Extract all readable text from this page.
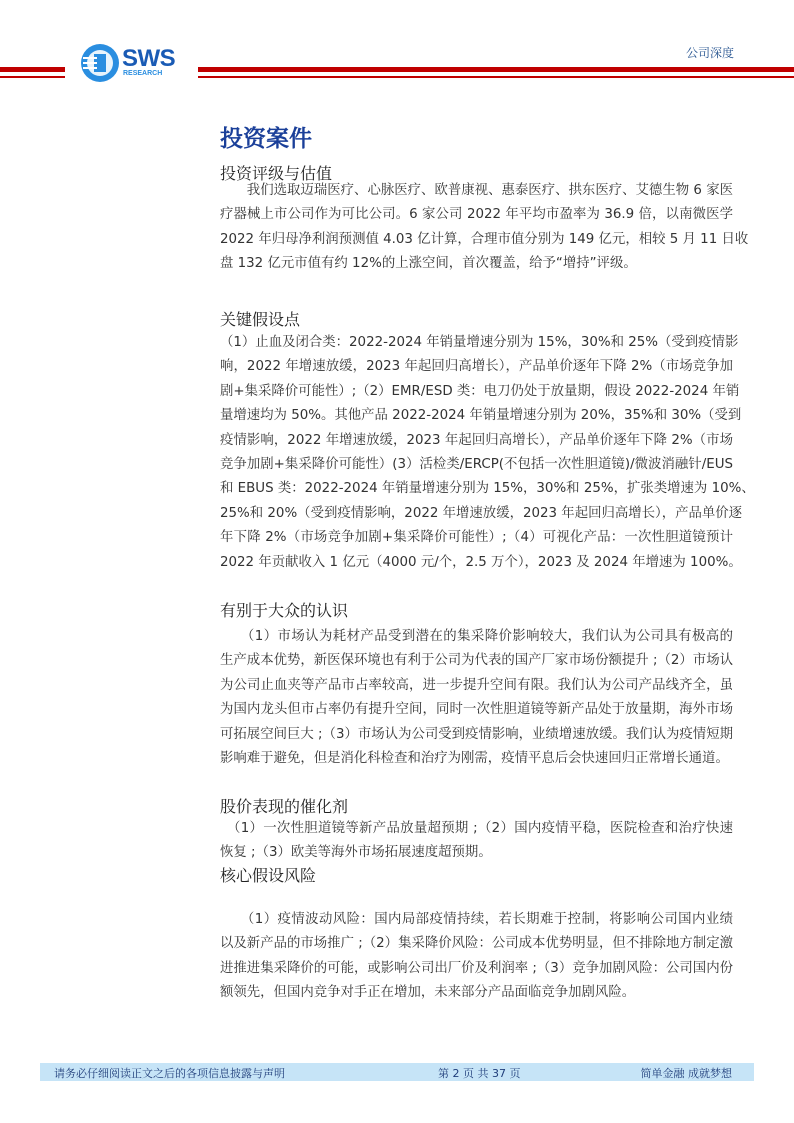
SWS
RESEARCH
公司深度
投资案件
投资评级与估值
　　我们选取迈瑞医疗、心脉医疗、欧普康视、惠泰医疗、拱东医疗、艾德生物 6 家医
疗器械上市公司作为可比公司。6 家公司 2022 年平均市盈率为 36.9 倍，以南微医学
2022 年归母净利润预测值 4.03 亿计算，合理市值分别为 149 亿元，相较 5 月 11 日收
盘 132 亿元市值有约 12%的上涨空间，首次覆盖，给予“增持”评级。
关键假设点
（1）止血及闭合类：2022-2024 年销量增速分别为 15%，30%和 25%（受到疫情影
响，2022 年增速放缓，2023 年起回归高增长），产品单价逐年下降 2%（市场竞争加
剧+集采降价可能性）;（2）EMR/ESD 类：电刀仍处于放量期，假设 2022-2024 年销
量增速均为 50%。其他产品 2022-2024 年销量增速分别为 20%，35%和 30%（受到
疫情影响，2022 年增速放缓，2023 年起回归高增长），产品单价逐年下降 2%（市场
竞争加剧+集采降价可能性）(3）活检类/ERCP(不包括一次性胆道镜)/微波消融针/EUS
和 EBUS 类：2022-2024 年销量增速分别为 15%，30%和 25%，扩张类增速为 10%、
25%和 20%（受到疫情影响，2022 年增速放缓，2023 年起回归高增长），产品单价逐
年下降 2%（市场竞争加剧+集采降价可能性）;（4）可视化产品：一次性胆道镜预计
2022 年贡献收入 1 亿元（4000 元/个，2.5 万个），2023 及 2024 年增速为 100%。
有别于大众的认识
　　（1）市场认为耗材产品受到潜在的集采降价影响较大，我们认为公司具有极高的
生产成本优势，新医保环境也有利于公司为代表的国产厂家市场份额提升 ;（2）市场认
为公司止血夹等产品市占率较高，进一步提升空间有限。我们认为公司产品线齐全，虽
为国内龙头但市占率仍有提升空间，同时一次性胆道镜等新产品处于放量期，海外市场
可拓展空间巨大 ;（3）市场认为公司受到疫情影响，业绩增速放缓。我们认为疫情短期
影响难于避免，但是消化科检查和治疗为刚需，疫情平息后会快速回归正常增长通道。
股价表现的催化剂
　（1）一次性胆道镜等新产品放量超预期 ;（2）国内疫情平稳，医院检查和治疗快速
恢复 ;（3）欧美等海外市场拓展速度超预期。
核心假设风险
　　（1）疫情波动风险：国内局部疫情持续，若长期难于控制，将影响公司国内业绩
以及新产品的市场推广 ;（2）集采降价风险：公司成本优势明显，但不排除地方制定激
进推进集采降价的可能，或影响公司出厂价及利润率 ;（3）竞争加剧风险：公司国内份
额领先，但国内竞争对手正在增加，未来部分产品面临竞争加剧风险。
请务必仔细阅读正文之后的各项信息披露与声明	第 2 页 共 37 页	简单金融 成就梦想
